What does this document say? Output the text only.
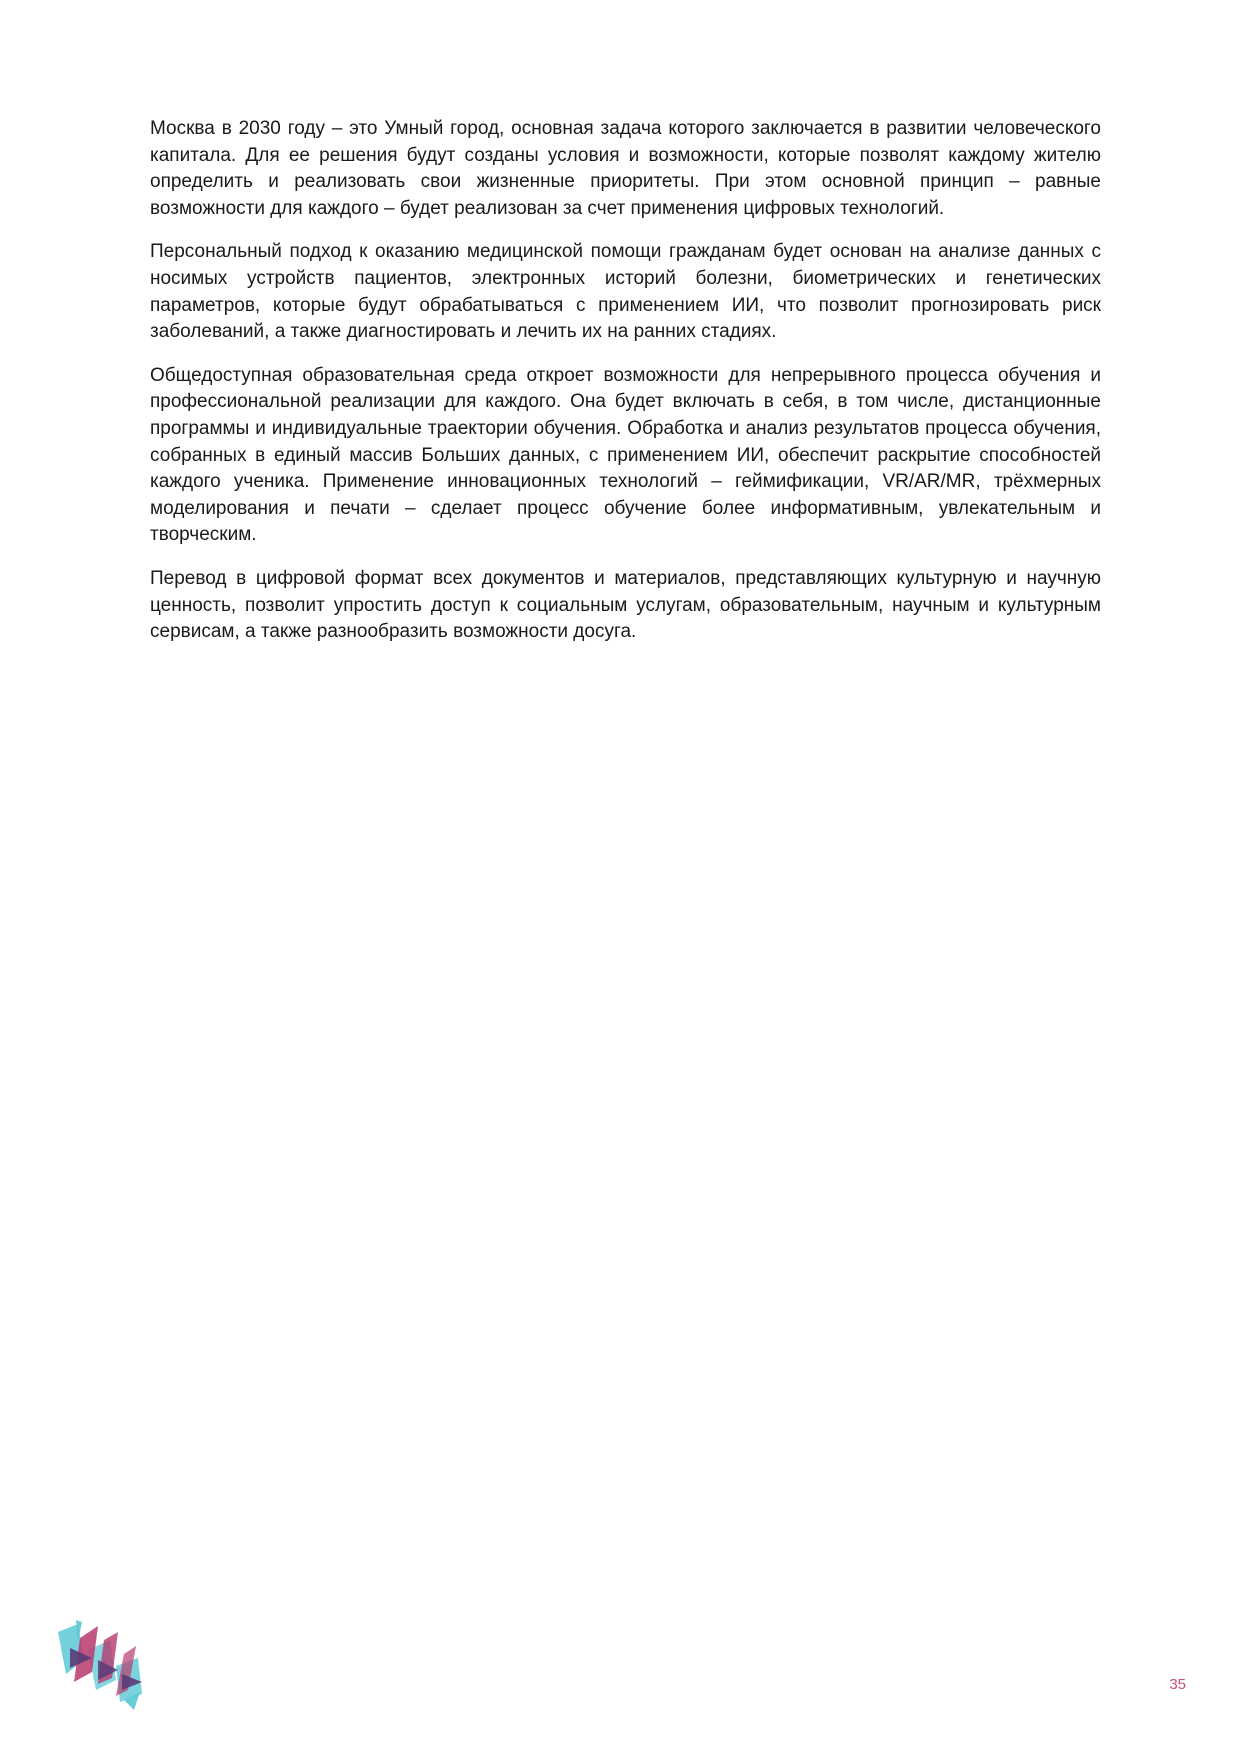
Москва в 2030 году – это Умный город, основная задача которого заключается в развитии человеческого капитала. Для ее решения будут созданы условия и возможности, которые позволят каждому жителю определить и реализовать свои жизненные приоритеты. При этом основной принцип – равные возможности для каждого – будет реализован за счет применения цифровых технологий.

Персональный подход к оказанию медицинской помощи гражданам будет основан на анализе данных с носимых устройств пациентов, электронных историй болезни, биометрических и генетических параметров, которые будут обрабатываться с применением ИИ, что позволит прогнозировать риск заболеваний, а также диагностировать и лечить их на ранних стадиях.

Общедоступная образовательная среда откроет возможности для непрерывного процесса обучения и профессиональной реализации для каждого. Она будет включать в себя, в том числе, дистанционные программы и индивидуальные траектории обучения. Обработка и анализ результатов процесса обучения, собранных в единый массив Больших данных, с применением ИИ, обеспечит раскрытие способностей каждого ученика. Применение инновационных технологий – геймификации, VR/AR/MR, трёхмерных моделирования и печати – сделает процесс обучение более информативным, увлекательным и творческим.

Перевод в цифровой формат всех документов и материалов, представляющих культурную и научную ценность, позволит упростить доступ к социальным услугам, образовательным, научным и культурным сервисам, а также разнообразить возможности досуга.

35
